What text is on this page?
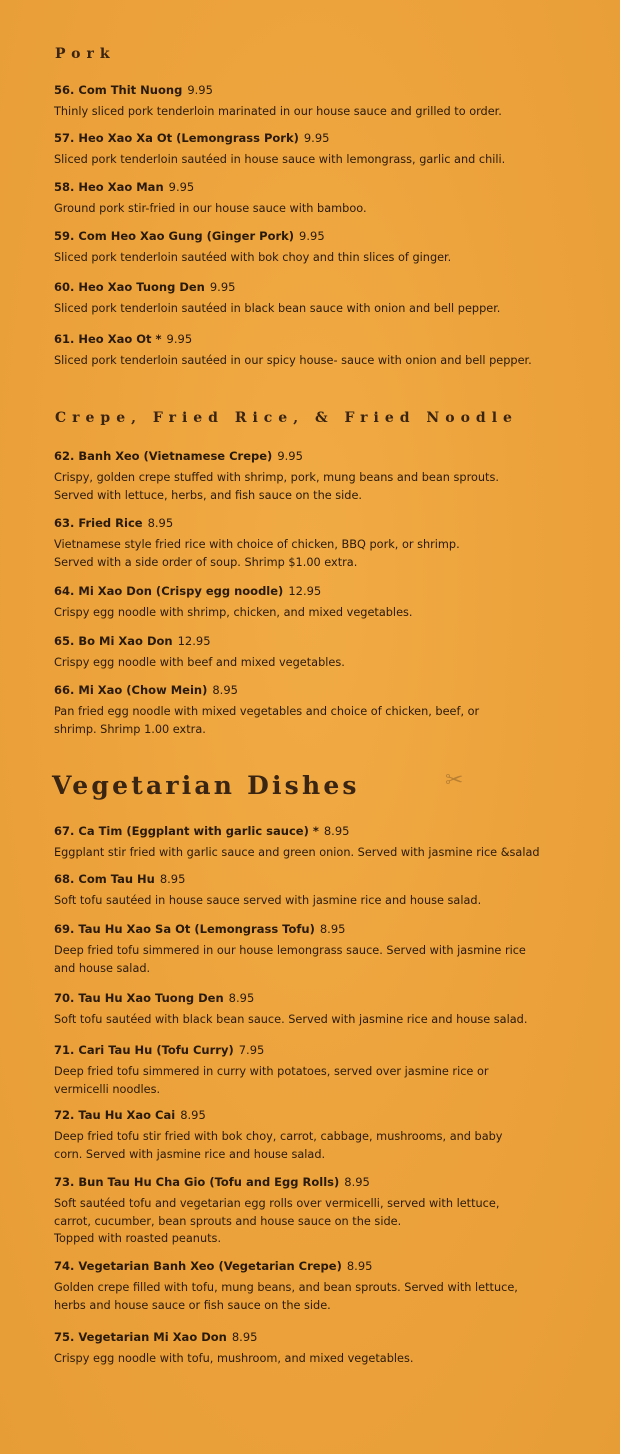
Pork
Crepe, Fried Rice, & Fried Noodle
Vegetarian Dishes
56. Com Thit Nuong 9.95
Thinly sliced pork tenderloin marinated in our house sauce and grilled to order.
57. Heo Xao Xa Ot (Lemongrass Pork) 9.95
Sliced pork tenderloin sautéed in house sauce with lemongrass, garlic and chili.
58. Heo Xao Man 9.95
Ground pork stir-fried in our house sauce with bamboo.
59. Com Heo Xao Gung (Ginger Pork) 9.95
Sliced pork tenderloin sautéed with bok choy and thin slices of ginger.
60. Heo Xao Tuong Den 9.95
Sliced pork tenderloin sautéed in black bean sauce with onion and bell pepper.
61. Heo Xao Ot * 9.95
Sliced pork tenderloin sautéed in our spicy house- sauce with onion and bell pepper.
62. Banh Xeo (Vietnamese Crepe) 9.95
Crispy, golden crepe stuffed with shrimp, pork, mung beans and bean sprouts.
Served with lettuce, herbs, and fish sauce on the side.
63. Fried Rice 8.95
Vietnamese style fried rice with choice of chicken, BBQ pork, or shrimp.
Served with a side order of soup. Shrimp $1.00 extra.
64. Mi Xao Don (Crispy egg noodle) 12.95
Crispy egg noodle with shrimp, chicken, and mixed vegetables.
65. Bo Mi Xao Don 12.95
Crispy egg noodle with beef and mixed vegetables.
66. Mi Xao (Chow Mein) 8.95
Pan fried egg noodle with mixed vegetables and choice of chicken, beef, or
shrimp. Shrimp 1.00 extra.
67. Ca Tim (Eggplant with garlic sauce) * 8.95
Eggplant stir fried with garlic sauce and green onion. Served with jasmine rice &salad
68. Com Tau Hu 8.95
Soft tofu sautéed in house sauce served with jasmine rice and house salad.
69. Tau Hu Xao Sa Ot (Lemongrass Tofu) 8.95
Deep fried tofu simmered in our house lemongrass sauce. Served with jasmine rice
and house salad.
70. Tau Hu Xao Tuong Den 8.95
Soft tofu sautéed with black bean sauce. Served with jasmine rice and house salad.
71. Cari Tau Hu (Tofu Curry) 7.95
Deep fried tofu simmered in curry with potatoes, served over jasmine rice or
vermicelli noodles.
72. Tau Hu Xao Cai 8.95
Deep fried tofu stir fried with bok choy, carrot, cabbage, mushrooms, and baby
corn. Served with jasmine rice and house salad.
73. Bun Tau Hu Cha Gio (Tofu and Egg Rolls) 8.95
Soft sautéed tofu and vegetarian egg rolls over vermicelli, served with lettuce,
carrot, cucumber, bean sprouts and house sauce on the side.
Topped with roasted peanuts.
74. Vegetarian Banh Xeo (Vegetarian Crepe) 8.95
Golden crepe filled with tofu, mung beans, and bean sprouts. Served with lettuce,
herbs and house sauce or fish sauce on the side.
75. Vegetarian Mi Xao Don 8.95
Crispy egg noodle with tofu, mushroom, and mixed vegetables.
✂
